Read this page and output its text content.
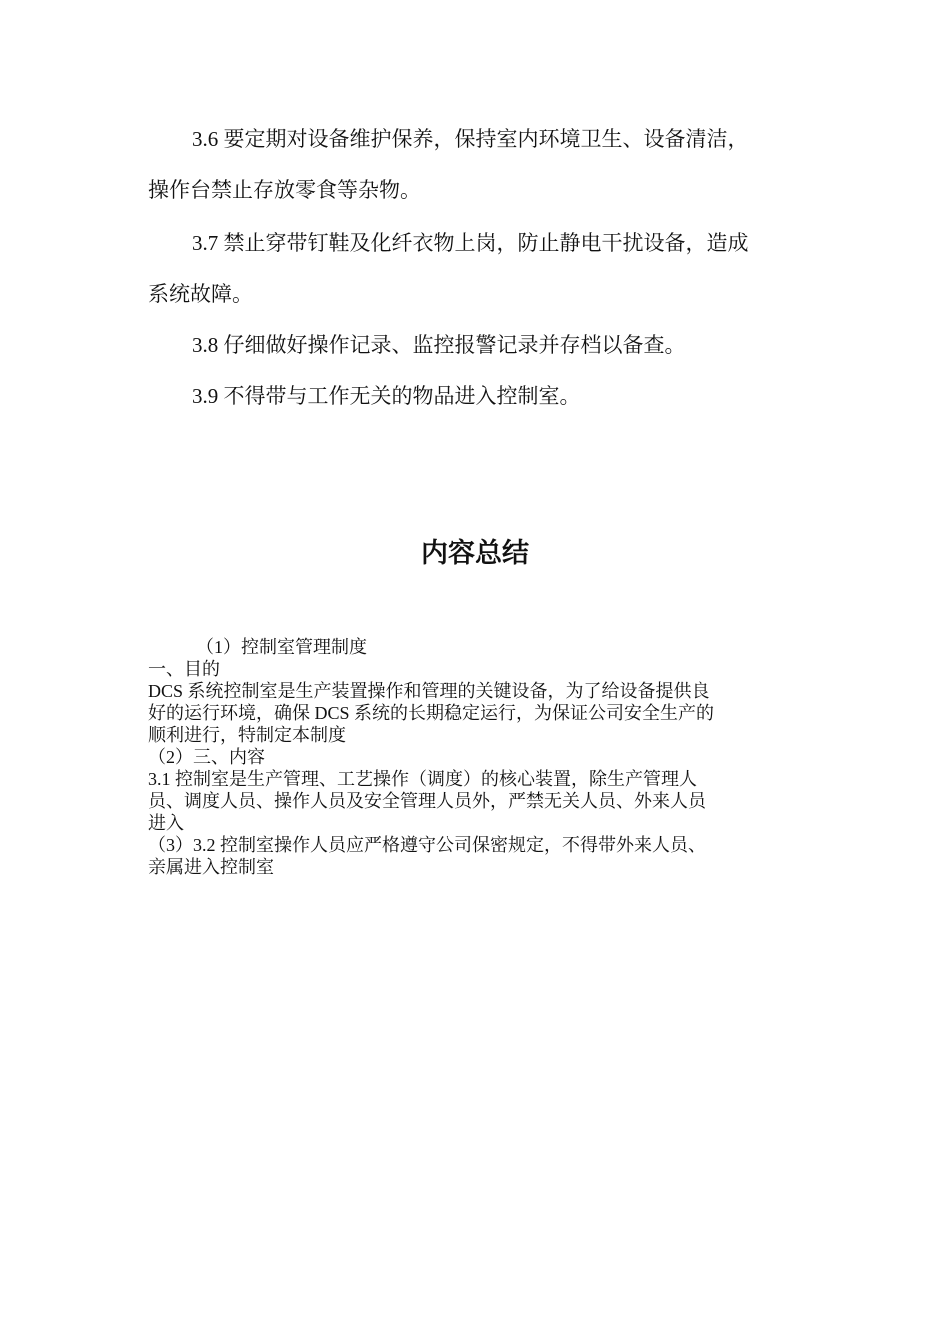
3.6 要定期对设备维护保养，保持室内环境卫生、设备清洁，

操作台禁止存放零食等杂物。

3.7 禁止穿带钉鞋及化纤衣物上岗，防止静电干扰设备，造成

系统故障。

3.8 仔细做好操作记录、监控报警记录并存档以备查。

3.9 不得带与工作无关的物品进入控制室。

内容总结
（1）控制室管理制度
一、目的
DCS 系统控制室是生产装置操作和管理的关键设备，为了给设备提供良
好的运行环境，确保 DCS 系统的长期稳定运行，为保证公司安全生产的
顺利进行，特制定本制度
（2）三、内容
3.1 控制室是生产管理、工艺操作（调度）的核心装置，除生产管理人
员、调度人员、操作人员及安全管理人员外，严禁无关人员、外来人员
进入
（3）3.2 控制室操作人员应严格遵守公司保密规定，不得带外来人员、
亲属进入控制室
